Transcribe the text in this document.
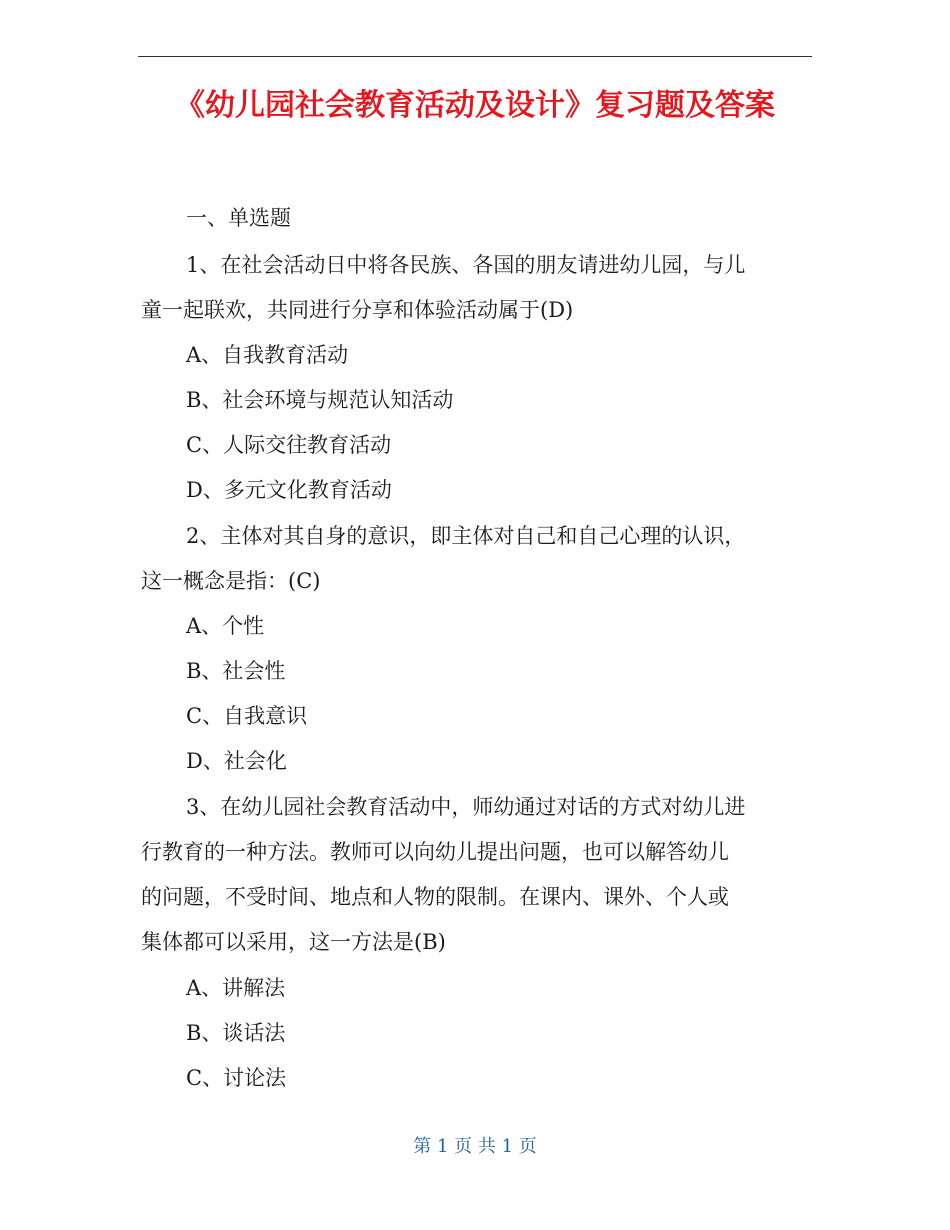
《幼儿园社会教育活动及设计》复习题及答案
一、单选题
1、在社会活动日中将各民族、各国的朋友请进幼儿园，与儿
童一起联欢，共同进行分享和体验活动属于(D)
A、自我教育活动
B、社会环境与规范认知活动
C、人际交往教育活动
D、多元文化教育活动
2、主体对其自身的意识，即主体对自己和自己心理的认识，
这一概念是指：(C)
A、个性
B、社会性
C、自我意识
D、社会化
3、在幼儿园社会教育活动中，师幼通过对话的方式对幼儿进
行教育的一种方法。教师可以向幼儿提出问题，也可以解答幼儿
的问题，不受时间、地点和人物的限制。在课内、课外、个人或
集体都可以采用，这一方法是(B)
A、讲解法
B、谈话法
C、讨论法
第 1 页 共 1 页
